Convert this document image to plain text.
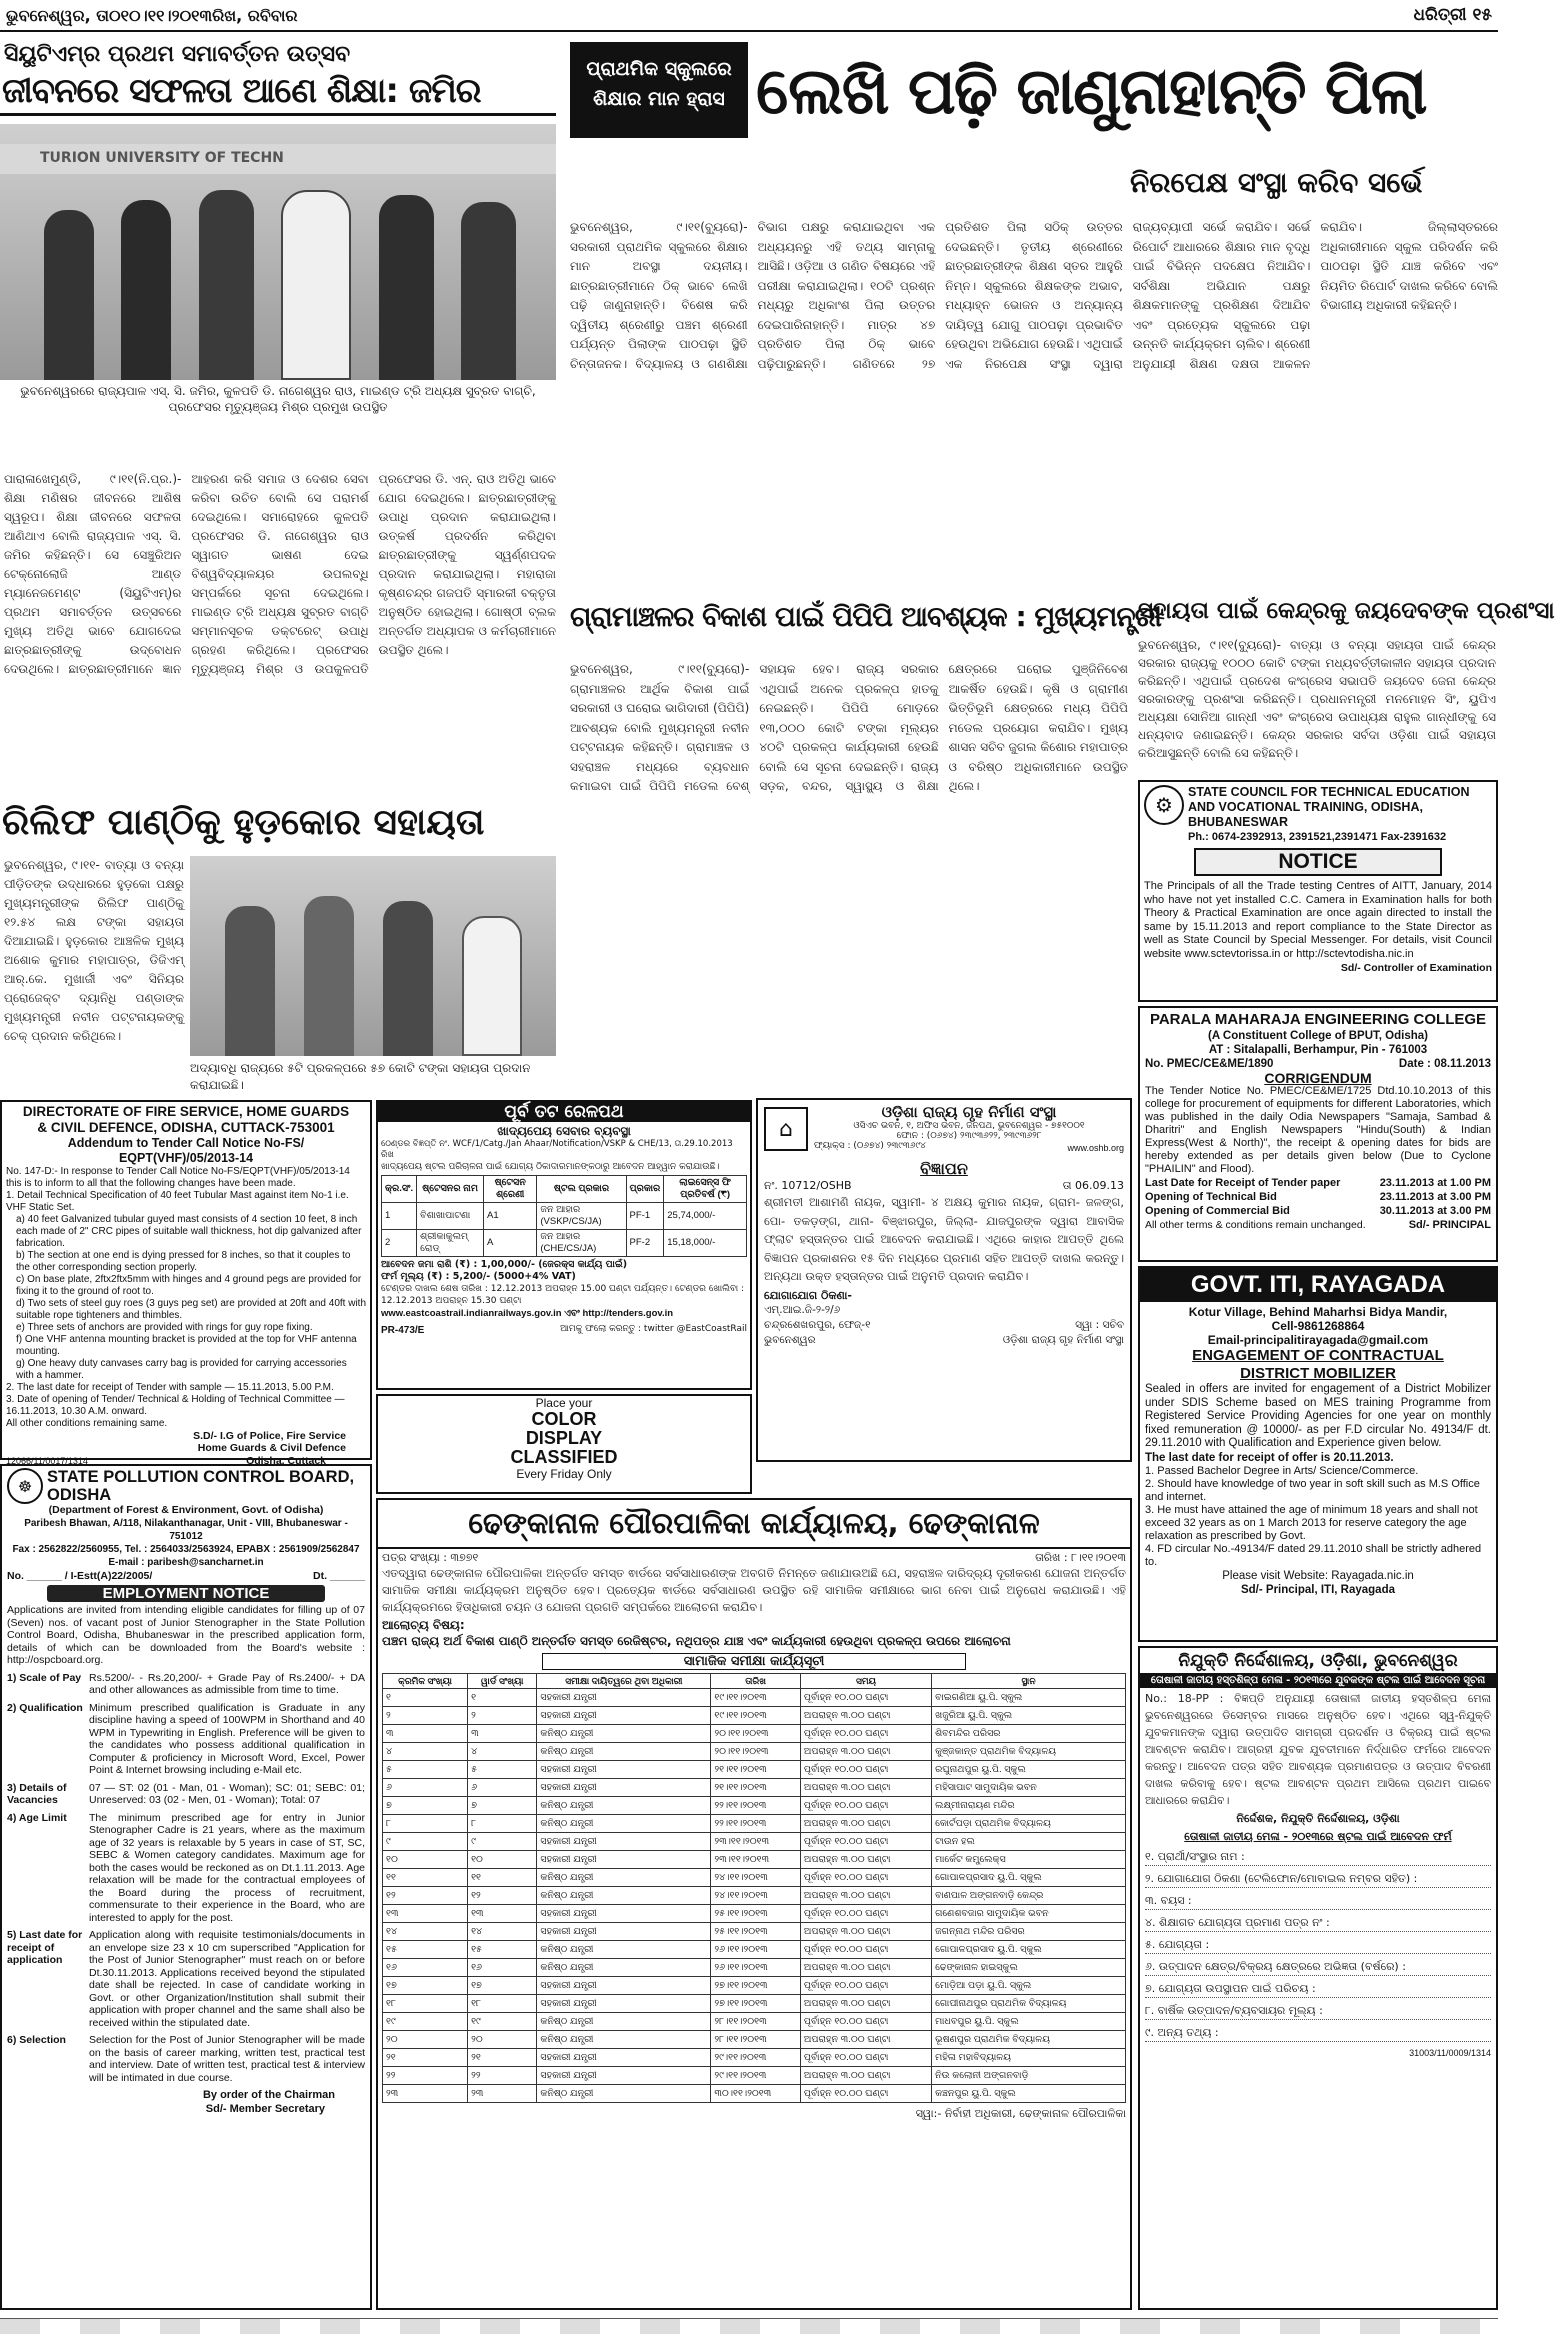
ଭୁବନେଶ୍ୱର, ତା୦୧୦।୧୧।୨୦୧୩ରିଖ, ରବିବାର	ଧରିତ୍ରୀ ୧୫
ସିୟୁଟିଏମ୍‌ର ପ୍ରଥମ ସମାବର୍ତ୍ତନ ଉତ୍ସବ
ଜୀବନରେ ସଫଳତା ଆଣେ ଶିକ୍ଷା: ଜମିର
TURION UNIVERSITY OF TECHN
ଭୁବନେଶ୍ୱରରେ ରାଜ୍ୟପାଳ ଏସ୍. ସି. ଜମିର, କୁଳପତି ଡି. ନାଗେଶ୍ୱର ରାଓ, ମାଇଣ୍ଡ ଟ୍ରି ଅଧ୍ୟକ୍ଷ ସୁବ୍ରତ ବାଗ୍‌ଚି, ପ୍ରଫେସର ମୃତ୍ୟୁଞ୍ଜୟ ମିଶ୍ର ପ୍ରମୁଖ ଉପସ୍ଥିତ
ପାରାଳାଖେମୁଣ୍ଡି, ୯।୧୧(ନି.ପ୍ର.)- ଶିକ୍ଷା ମଣିଷର ଜୀବନରେ ଆଶିଷ ସ୍ୱରୂପ। ଶିକ୍ଷା ଜୀବନରେ ସଫଳତା ଆଣିଥାଏ ବୋଲି ରାଜ୍ୟପାଳ ଏସ୍. ସି. ଜମିର କହିଛନ୍ତି। ସେ ସେଞ୍ଚୁରିଅନ ଟେକ୍ନୋଲୋଜି ଆଣ୍ଡ ମ୍ୟାନେଜମେଣ୍ଟ (ସିୟୁଟିଏମ୍)ର ପ୍ରଥମ ସମାବର୍ତ୍ତନ ଉତ୍ସବରେ ମୁଖ୍ୟ ଅତିଥି ଭାବେ ଯୋଗଦେଇ ଛାତ୍ରଛାତ୍ରୀଙ୍କୁ ଉଦ୍ବୋଧନ ଦେଉଥିଲେ। ଛାତ୍ରଛାତ୍ରୀମାନେ ଜ୍ଞାନ ଆହରଣ କରି ସମାଜ ଓ ଦେଶର ସେବା କରିବା ଉଚିତ ବୋଲି ସେ ପରାମର୍ଶ ଦେଇଥିଲେ। ସମାରୋହରେ କୁଳପତି ପ୍ରଫେସର ଡି. ନାଗେଶ୍ୱର ରାଓ ସ୍ୱାଗତ ଭାଷଣ ଦେଇ ବିଶ୍ୱବିଦ୍ୟାଳୟର ଉପଲବ୍ଧି ସମ୍ପର୍କରେ ସୂଚନା ଦେଇଥିଲେ। ମାଇଣ୍ଡ ଟ୍ରି ଅଧ୍ୟକ୍ଷ ସୁବ୍ରତ ବାଗ୍‌ଚି ସମ୍ମାନସୂଚକ ଡକ୍ଟରେଟ୍ ଉପାଧି ଗ୍ରହଣ କରିଥିଲେ। ପ୍ରଫେସର ମୃତ୍ୟୁଞ୍ଜୟ ମିଶ୍ର ଓ ଉପକୁଳପତି ପ୍ରଫେସର ଡି. ଏନ୍. ରାଓ ଅତିଥି ଭାବେ ଯୋଗ ଦେଇଥିଲେ। ଛାତ୍ରଛାତ୍ରୀଙ୍କୁ ଉପାଧି ପ୍ରଦାନ କରାଯାଇଥିଲା। ଉତ୍କର୍ଷ ପ୍ରଦର୍ଶନ କରିଥିବା ଛାତ୍ରଛାତ୍ରୀଙ୍କୁ ସ୍ୱର୍ଣ୍ଣପଦକ ପ୍ରଦାନ କରାଯାଇଥିଲା। ମହାରାଜା କୃଷ୍ଣଚନ୍ଦ୍ର ଗଜପତି ସ୍ମାରକୀ ବକ୍ତୃତା ଅନୁଷ୍ଠିତ ହୋଇଥିଲା। ଗୋଷ୍ଠୀ ବ୍ଲକ ଅନ୍ତର୍ଗତ ଅଧ୍ୟାପକ ଓ କର୍ମଚାରୀମାନେ ଉପସ୍ଥିତ ଥିଲେ।
ରିଲିଫ ପାଣ୍ଠିକୁ ହୁଡ଼କୋର ସହାୟତା
ଭୁବନେଶ୍ୱର, ୯।୧୧- ବାତ୍ୟା ଓ ବନ୍ୟା ପୀଡ଼ିତଙ୍କ ଉଦ୍ଧାରରେ ହୁଡ଼କୋ ପକ୍ଷରୁ ମୁଖ୍ୟମନ୍ତ୍ରୀଙ୍କ ରିଲିଫ ପାଣ୍ଠିକୁ ୧୨.୫୪ ଲକ୍ଷ ଟଙ୍କା ସହାୟତା ଦିଆଯାଇଛି। ହୁଡ଼କୋର ଆଞ୍ଚଳିକ ମୁଖ୍ୟ ଅଶୋକ କୁମାର ମହାପାତ୍ର, ଡିଜିଏମ୍ ଆର୍.କେ. ମୁଖାର୍ଜୀ ଏବଂ ସିନିୟର ପ୍ରୋଜେକ୍ଟ ଦ୍ୟାନିଧି ପଣ୍ଡାଙ୍କ ମୁଖ୍ୟମନ୍ତ୍ରୀ ନବୀନ ପଟ୍ଟନାୟକଙ୍କୁ ଚେକ୍ ପ୍ରଦାନ କରିଥିଲେ।
ଅଦ୍ୟାବଧି ରାଜ୍ୟରେ ୫ଟି ପ୍ରକଳ୍ପରେ ୫୭ କୋଟି ଟଙ୍କା ସହାୟତା ପ୍ରଦାନ କରାଯାଇଛି।
ପ୍ରାଥମିକ ସ୍କୁଲରେ
ଶିକ୍ଷାର ମାନ ହ୍ରାସ ଲେଖି ପଢ଼ି ଜାଣୁନାହାନ୍ତି ପିଲା
ନିରପେକ୍ଷ ସଂସ୍ଥା କରିବ ସର୍ଭେ
ଭୁବନେଶ୍ୱର, ୯।୧୧(ବ୍ୟୁରୋ)- ସରକାରୀ ପ୍ରାଥମିକ ସ୍କୁଲରେ ଶିକ୍ଷାର ମାନ ଅବସ୍ଥା ଦୟନୀୟ। ଛାତ୍ରଛାତ୍ରୀମାନେ ଠିକ୍ ଭାବେ ଲେଖି ପଢ଼ି ଜାଣୁନାହାନ୍ତି। ବିଶେଷ କରି ଦ୍ୱିତୀୟ ଶ୍ରେଣୀରୁ ପଞ୍ଚମ ଶ୍ରେଣୀ ପର୍ଯ୍ୟନ୍ତ ପିଲାଙ୍କ ପାଠପଢ଼ା ସ୍ଥିତି ଚିନ୍ତାଜନକ। ବିଦ୍ୟାଳୟ ଓ ଗଣଶିକ୍ଷା ବିଭାଗ ପକ୍ଷରୁ କରାଯାଇଥିବା ଏକ ଅଧ୍ୟୟନରୁ ଏହି ତଥ୍ୟ ସାମ୍ନାକୁ ଆସିଛି। ଓଡ଼ିଆ ଓ ଗଣିତ ବିଷୟରେ ଏହି ପରୀକ୍ଷା କରାଯାଇଥିଲା। ୧୦ଟି ପ୍ରଶ୍ନ ମଧ୍ୟରୁ ଅଧିକାଂଶ ପିଲା ଉତ୍ତର ଦେଇପାରିନାହାନ୍ତି। ମାତ୍ର ୪୭ ପ୍ରତିଶତ ପିଲା ଠିକ୍ ଭାବେ ପଢ଼ିପାରୁଛନ୍ତି। ଗଣିତରେ ୨୭ ପ୍ରତିଶତ ପିଲା ସଠିକ୍ ଉତ୍ତର ଦେଇଛନ୍ତି। ତୃତୀୟ ଶ୍ରେଣୀରେ ଛାତ୍ରଛାତ୍ରୀଙ୍କ ଶିକ୍ଷଣ ସ୍ତର ଆହୁରି ନିମ୍ନ। ସ୍କୁଲରେ ଶିକ୍ଷକଙ୍କ ଅଭାବ, ମଧ୍ୟାହ୍ନ ଭୋଜନ ଓ ଅନ୍ୟାନ୍ୟ ଦାୟିତ୍ୱ ଯୋଗୁ ପାଠପଢ଼ା ପ୍ରଭାବିତ ହେଉଥିବା ଅଭିଯୋଗ ହେଉଛି। ଏଥିପାଇଁ ଏକ ନିରପେକ୍ଷ ସଂସ୍ଥା ଦ୍ୱାରା ରାଜ୍ୟବ୍ୟାପୀ ସର୍ଭେ କରାଯିବ। ସର୍ଭେ ରିପୋର୍ଟ ଆଧାରରେ ଶିକ୍ଷାର ମାନ ବୃଦ୍ଧି ପାଇଁ ବିଭିନ୍ନ ପଦକ୍ଷେପ ନିଆଯିବ। ସର୍ବଶିକ୍ଷା ଅଭିଯାନ ପକ୍ଷରୁ ଶିକ୍ଷକମାନଙ୍କୁ ପ୍ରଶିକ୍ଷଣ ଦିଆଯିବ ଏବଂ ପ୍ରତ୍ୟେକ ସ୍କୁଲରେ ପଢ଼ା ଉନ୍ନତି କାର୍ଯ୍ୟକ୍ରମ ଚାଲିବ। ଶ୍ରେଣୀ ଅନୁଯାୟୀ ଶିକ୍ଷଣ ଦକ୍ଷତା ଆକଳନ କରାଯିବ। ଜିଲ୍ଲାସ୍ତରରେ ଅଧିକାରୀମାନେ ସ୍କୁଲ ପରିଦର୍ଶନ କରି ପାଠପଢ଼ା ସ୍ଥିତି ଯାଞ୍ଚ କରିବେ ଏବଂ ନିୟମିତ ରିପୋର୍ଟ ଦାଖଲ କରିବେ ବୋଲି ବିଭାଗୀୟ ଅଧିକାରୀ କହିଛନ୍ତି।
ଗ୍ରାମାଞ୍ଚଳର ବିକାଶ ପାଇଁ ପିପିପି ଆବଶ୍ୟକ : ମୁଖ୍ୟମନ୍ତ୍ରୀ
ଭୁବନେଶ୍ୱର, ୯।୧୧(ବ୍ୟୁରୋ)- ଗ୍ରାମାଞ୍ଚଳର ଆର୍ଥିକ ବିକାଶ ପାଇଁ ସରକାରୀ ଓ ଘରୋଇ ଭାଗିଦାରୀ (ପିପିପି) ଆବଶ୍ୟକ ବୋଲି ମୁଖ୍ୟମନ୍ତ୍ରୀ ନବୀନ ପଟ୍ଟନାୟକ କହିଛନ୍ତି। ଗ୍ରାମାଞ୍ଚଳ ଓ ସହରାଞ୍ଚଳ ମଧ୍ୟରେ ବ୍ୟବଧାନ କମାଇବା ପାଇଁ ପିପିପି ମଡେଲ ବେଶ୍ ସହାୟକ ହେବ। ରାଜ୍ୟ ସରକାର ଏଥିପାଇଁ ଅନେକ ପ୍ରକଳ୍ପ ହାତକୁ ନେଇଛନ୍ତି। ପିପିପି ମୋଡ଼ରେ ୧୩,୦୦୦ କୋଟି ଟଙ୍କା ମୂଲ୍ୟର ୪୦ଟି ପ୍ରକଳ୍ପ କାର୍ଯ୍ୟକାରୀ ହେଉଛି ବୋଲି ସେ ସୂଚନା ଦେଇଛନ୍ତି। ରାଜ୍ୟ ସଡ଼କ, ବନ୍ଦର, ସ୍ୱାସ୍ଥ୍ୟ ଓ ଶିକ୍ଷା କ୍ଷେତ୍ରରେ ଘରୋଇ ପୁଞ୍ଜିନିବେଶ ଆକର୍ଷିତ ହେଉଛି। କୃଷି ଓ ଗ୍ରାମୀଣ ଭିତ୍ତିଭୂମି କ୍ଷେତ୍ରରେ ମଧ୍ୟ ପିପିପି ମଡେଲ ପ୍ରୟୋଗ କରାଯିବ। ମୁଖ୍ୟ ଶାସନ ସଚିବ ଜୁଗଲ କିଶୋର ମହାପାତ୍ର ଓ ବରିଷ୍ଠ ଅଧିକାରୀମାନେ ଉପସ୍ଥିତ ଥିଲେ।
ସହାୟତା ପାଇଁ କେନ୍ଦ୍ରକୁ ଜୟଦେବଙ୍କ ପ୍ରଶଂସା
ଭୁବନେଶ୍ୱର, ୯।୧୧(ବ୍ୟୁରୋ)- ବାତ୍ୟା ଓ ବନ୍ୟା ସହାୟତା ପାଇଁ କେନ୍ଦ୍ର ସରକାର ରାଜ୍ୟକୁ ୧୦୦୦ କୋଟି ଟଙ୍କା ମଧ୍ୟବର୍ତ୍ତୀକାଳୀନ ସହାୟତା ପ୍ରଦାନ କରିଛନ୍ତି। ଏଥିପାଇଁ ପ୍ରଦେଶ କଂଗ୍ରେସ ସଭାପତି ଜୟଦେବ ଜେନା କେନ୍ଦ୍ର ସରକାରଙ୍କୁ ପ୍ରଶଂସା କରିଛନ୍ତି। ପ୍ରଧାନମନ୍ତ୍ରୀ ମନମୋହନ ସିଂ, ୟୁପିଏ ଅଧ୍ୟକ୍ଷା ସୋନିଆ ଗାନ୍ଧୀ ଏବଂ କଂଗ୍ରେସ ଉପାଧ୍ୟକ୍ଷ ରାହୁଲ ଗାନ୍ଧୀଙ୍କୁ ସେ ଧନ୍ୟବାଦ ଜଣାଇଛନ୍ତି। କେନ୍ଦ୍ର ସରକାର ସର୍ବଦା ଓଡ଼ିଶା ପାଇଁ ସହାୟତା କରିଆସୁଛନ୍ତି ବୋଲି ସେ କହିଛନ୍ତି।
⚙
STATE COUNCIL FOR TECHNICAL EDUCATION AND VOCATIONAL TRAINING, ODISHA, BHUBANESWAR
Ph.: 0674-2392913, 2391521,2391471 Fax-2391632
NOTICE
The Principals of all the Trade testing Centres of AITT, January, 2014 who have not yet installed C.C. Camera in Examination halls for both Theory & Practical Examination are once again directed to install the same by 15.11.2013 and report compliance to the State Director as well as State Council by Special Messenger. For details, visit Council website www.sctevtorissa.in or http://sctevtodisha.nic.in
Sd/- Controller of Examination
PARALA MAHARAJA ENGINEERING COLLEGE
(A Constituent College of BPUT, Odisha)
AT : Sitalapalli, Berhampur, Pin - 761003
No. PMEC/CE&ME/1890	Date : 08.11.2013
CORRIGENDUM
The Tender Notice No. PMEC/CE&ME/1725 Dtd.10.10.2013 of this college for procurement of equipments for different Laboratories, which was published in the daily Odia Newspapers "Samaja, Sambad & Dharitri" and English Newspapers "Hindu(South) & Indian Express(West & North)", the receipt & opening dates for bids are hereby extended as per details given below (Due to Cyclone "PHAILIN" and Flood).
Last Date for Receipt of Tender paper	23.11.2013 at 1.00 PM
Opening of Technical Bid	23.11.2013 at 3.00 PM
Opening of Commercial Bid	30.11.2013 at 3.00 PM
All other terms & conditions remain unchanged.	Sd/- PRINCIPAL
GOVT. ITI, RAYAGADA
Kotur Village, Behind Maharhsi Bidya Mandir,
Cell-9861268864
Email-principalitirayagada@gmail.com
ENGAGEMENT OF CONTRACTUAL DISTRICT MOBILIZER
Sealed in offers are invited for engagement of a District Mobilizer under SDIS Scheme based on MES training Programme from Registered Service Providing Agencies for one year on monthly fixed remuneration @ 10000/- as per F.D circular No. 49134/F dt. 29.11.2010 with Qualification and Experience given below.
The last date for receipt of offer is 20.11.2013.
1. Passed Bachelor Degree in Arts/ Science/Commerce.
2. Should have knowledge of two year in soft skill such as M.S Office and internet.
3. He must have attained the age of minimum 18 years and shall not exceed 32 years as on 1 March 2013 for reserve category the age relaxation as prescribed by Govt.
4. FD circular No.-49134/F dated 29.11.2010 shall be strictly adhered to.
Please visit Website: Rayagada.nic.in
Sd/- Principal, ITI, Rayagada
DIRECTORATE OF FIRE SERVICE, HOME GUARDS
& CIVIL DEFENCE, ODISHA, CUTTACK-753001
Addendum to Tender Call Notice No-FS/
EQPT(VHF)/05/2013-14
No. 147-D:- In response to Tender Call Notice No-FS/EQPT(VHF)/05/2013-14 this is to inform to all that the following changes have been made.
1. Detail Technical Specification of 40 feet Tubular Mast against item No-1 i.e. VHF Static Set.
a) 40 feet Galvanized tubular guyed mast consists of 4 section 10 feet, 8 inch each made of 2" CRC pipes of suitable wall thickness, hot dip galvanized after fabrication.
b) The section at one end is dying pressed for 8 inches, so that it couples to the other corresponding section properly.
c) On base plate, 2ftx2ftx5mm with hinges and 4 ground pegs are provided for fixing it to the ground of root to.
d) Two sets of steel guy roes (3 guys peg set) are provided at 20ft and 40ft with suitable rope tighteners and thimbles.
e) Three sets of anchors are provided with rings for guy rope fixing.
f) One VHF antenna mounting bracket is provided at the top for VHF antenna mounting.
g) One heavy duty canvases carry bag is provided for carrying accessories with a hammer.
2. The last date for receipt of Tender with sample — 15.11.2013, 5.00 P.M.
3. Date of opening of Tender/ Technical & Holding of Technical Committee — 16.11.2013, 10.30 A.M. onward.
All other conditions remaining same.
S.D/- I.G of Police, Fire Service
Home Guards & Civil Defence
12066/11/0017/1314	Odisha, Cuttack
ପୂର୍ବ ତଟ ରେଳପଥ
ଖାଦ୍ୟପେୟ ସେବାର ବ୍ୟବସ୍ଥା
ଠେଣ୍ଡର ବିଜ୍ଞପ୍ତି ନଂ. WCF/1/Catg./Jan Ahaar/Notification/VSKP & CHE/13, ତା.29.10.2013 ରିଖ
ଖାଦ୍ୟପେୟ ଷ୍ଟଲ ପରିଚାଳନା ପାଇଁ ଯୋଗ୍ୟ ଠିକାଦାରମାନଙ୍କଠାରୁ ଆବେଦନ ଆହ୍ୱାନ କରାଯାଉଛି।
କ୍ର.ସଂ.	ଷ୍ଟେସନର ନାମ	ଷ୍ଟେସନ ଶ୍ରେଣୀ	ଷ୍ଟଲ ପ୍ରକାର	ପ୍ରକାର	ଲାଇସେନ୍ସ ଫି ପ୍ରତିବର୍ଷ (₹)
1	ବିଶାଖାପାଟଣା	A1	ଜନ ଆହାର (VSKP/CS/JA)	PF-1	25,74,000/-
2	ଶ୍ରୀକାକୁଲମ୍ ରୋଡ୍	A	ଜନ ଆହାର (CHE/CS/JA)	PF-2	15,18,000/-
ଆବେଦନ ଜମା ରାଶି (₹) : 1,00,000/- (ଜେରକ୍ସ କାର୍ଯ୍ୟ ପାଇଁ)
ଫର୍ମ ମୂଲ୍ୟ (₹) : 5,200/- (5000+4% VAT)
ଟେଣ୍ଡର ଦାଖଲ ଶେଷ ତାରିଖ : 12.12.2013 ଅପରାହ୍ନ 15.00 ଘଣ୍ଟା ପର୍ଯ୍ୟନ୍ତ। ଟେଣ୍ଡର ଖୋଲିବା : 12.12.2013 ଅପରାହ୍ନ 15.30 ଘଣ୍ଟା
www.eastcoastrail.indianrailways.gov.in ଏବଂ http://tenders.gov.in
PR-473/E	ଆମକୁ ଫଲୋ କରନ୍ତୁ : twitter @EastCoastRail
Place your
COLOR
DISPLAY
CLASSIFIED
Every Friday Only
⌂
ଓଡ଼ିଶା ରାଜ୍ୟ ଗୃହ ନିର୍ମାଣ ସଂସ୍ଥା
ଓସିଏଚ ଭବନ, ୧, ଅଫିସ ଭବନ, ଜନପଥ, ଭୁବନେଶ୍ୱର - ୭୫୧୦୦୧
ଫୋନ : (୦୬୭୪) ୨୩୯୩୬୨୨, ୨୩୯୩୬୨୮
ଫ୍ୟାକ୍ସ : (୦୬୭୪) ୨୩୯୩୬୯୪	www.oshb.org
ବିଜ୍ଞାପନ
ନଂ. 10712/OSHB	ତା 06.09.13
ଶ୍ରୀମତୀ ଆଶାମଣି ନାୟକ, ସ୍ୱାମୀ- ୪ ଅକ୍ଷୟ କୁମାର ନାୟକ, ଗ୍ରାମ- ଜଳଙ୍ଗ, ପୋ- ତକଡ଼ଙ୍ଗ, ଥାନା- ବିଞ୍ଝାରପୁର, ଜିଲ୍ଲା- ଯାଜପୁରଙ୍କ ଦ୍ୱାରା ଆବାସିକ ଫ୍ଲାଟ ହସ୍ତାନ୍ତର ପାଇଁ ଆବେଦନ କରାଯାଇଛି। ଏଥିରେ କାହାର ଆପତ୍ତି ଥିଲେ ବିଜ୍ଞାପନ ପ୍ରକାଶନର ୧୫ ଦିନ ମଧ୍ୟରେ ପ୍ରମାଣ ସହିତ ଆପତ୍ତି ଦାଖଲ କରନ୍ତୁ। ଅନ୍ୟଥା ଉକ୍ତ ହସ୍ତାନ୍ତର ପାଇଁ ଅନୁମତି ପ୍ରଦାନ କରାଯିବ।
ଯୋଗାଯୋଗ ଠିକଣା-
ଏମ୍.ଆଇ.ଜି-୨-୨/୬
ଚନ୍ଦ୍ରଶେଖରପୁର, ଫେଜ୍-୧
ଭୁବନେଶ୍ୱର
ସ୍ୱା : ସଚିବ
ଓଡ଼ିଶା ରାଜ୍ୟ ଗୃହ ନିର୍ମାଣ ସଂସ୍ଥା
ଢେଙ୍କାନାଳ ପୌରପାଳିକା କାର୍ଯ୍ୟାଳୟ, ଢେଙ୍କାନାଳ
ପତ୍ର ସଂଖ୍ୟା : ୩୭୭୧	ତାରିଖ : ୮।୧୧।୨୦୧୩
ଏତଦ୍ୱାରା ଢେଙ୍କାନାଳ ପୌରପାଳିକା ଅନ୍ତର୍ଗତ ସମସ୍ତ ଵାର୍ଡରେ ସର୍ବସାଧାରଣଙ୍କ ଅବଗତି ନିମନ୍ତେ ଜଣାଯାଉଅଛି ଯେ, ସହରାଞ୍ଚଳ ଦାରିଦ୍ର୍ୟ ଦୂରୀକରଣ ଯୋଜନା ଅନ୍ତର୍ଗତ ସାମାଜିକ ସମୀକ୍ଷା କାର୍ଯ୍ୟକ୍ରମ ଅନୁଷ୍ଠିତ ହେବ। ପ୍ରତ୍ୟେକ ଵାର୍ଡରେ ସର୍ବସାଧାରଣ ଉପସ୍ଥିତ ରହି ସାମାଜିକ ସମୀକ୍ଷାରେ ଭାଗ ନେବା ପାଇଁ ଅନୁରୋଧ କରାଯାଉଛି। ଏହି କାର୍ଯ୍ୟକ୍ରମରେ ହିତାଧିକାରୀ ଚୟନ ଓ ଯୋଜନା ପ୍ରଗତି ସମ୍ପର୍କରେ ଆଲୋଚନା କରାଯିବ।
ଆଲୋଚ୍ୟ ବିଷୟ:
ପଞ୍ଚମ ରାଜ୍ୟ ଅର୍ଥ ବିକାଶ ପାଣ୍ଠି ଅନ୍ତର୍ଗତ ସମସ୍ତ ରେଜିଷ୍ଟର, ନଥିପତ୍ର ଯାଞ୍ଚ ଏବଂ କାର୍ଯ୍ୟକାରୀ ହେଉଥିବା ପ୍ରକଳ୍ପ ଉପରେ ଆଲୋଚନା
ସାମାଜିକ ସମୀକ୍ଷା କାର୍ଯ୍ୟସୂଚୀ
କ୍ରମିକ ସଂଖ୍ୟା	ୱାର୍ଡ ସଂଖ୍ୟା	ସମୀକ୍ଷା ଦାୟିତ୍ୱରେ ଥିବା ଅଧିକାରୀ	ତାରିଖ	ସମୟ	ସ୍ଥାନ
୧	୧	ସହକାରୀ ଯନ୍ତ୍ରୀ	୧୯।୧୧।୨୦୧୩	ପୂର୍ବାହ୍ନ ୧୦.୦୦ ଘଣ୍ଟା	ବାଇଗଣିଆ ୟୁ.ପି. ସ୍କୁଲ
୨	୨	ସହକାରୀ ଯନ୍ତ୍ରୀ	୧୯।୧୧।୨୦୧୩	ଅପରାହ୍ନ ୩.୦୦ ଘଣ୍ଟା	ଖଜୁରିଆ ୟୁ.ପି. ସ୍କୁଲ
୩	୩	କନିଷ୍ଠ ଯନ୍ତ୍ରୀ	୨୦।୧୧।୨୦୧୩	ପୂର୍ବାହ୍ନ ୧୦.୦୦ ଘଣ୍ଟା	ଶିବମନ୍ଦିର ପରିସର
୪	୪	କନିଷ୍ଠ ଯନ୍ତ୍ରୀ	୨୦।୧୧।୨୦୧୩	ଅପରାହ୍ନ ୩.୦୦ ଘଣ୍ଟା	କୁଞ୍ଜକାନ୍ତ ପ୍ରାଥମିକ ବିଦ୍ୟାଳୟ
୫	୫	ସହକାରୀ ଯନ୍ତ୍ରୀ	୨୧।୧୧।୨୦୧୩	ପୂର୍ବାହ୍ନ ୧୦.୦୦ ଘଣ୍ଟା	ରଘୁନାଥପୁର ୟୁ.ପି. ସ୍କୁଲ
୬	୬	ସହକାରୀ ଯନ୍ତ୍ରୀ	୨୧।୧୧।୨୦୧୩	ଅପରାହ୍ନ ୩.୦୦ ଘଣ୍ଟା	ମହିସାପାଟ ସାମୁଦାୟିକ ଭବନ
୭	୭	କନିଷ୍ଠ ଯନ୍ତ୍ରୀ	୨୨।୧୧।୨୦୧୩	ପୂର୍ବାହ୍ନ ୧୦.୦୦ ଘଣ୍ଟା	ଲକ୍ଷ୍ମୀନାରାୟଣ ମନ୍ଦିର
୮	୮	କନିଷ୍ଠ ଯନ୍ତ୍ରୀ	୨୨।୧୧।୨୦୧୩	ଅପରାହ୍ନ ୩.୦୦ ଘଣ୍ଟା	କୋର୍ଟପଡ଼ା ପ୍ରାଥମିକ ବିଦ୍ୟାଳୟ
୯	୯	ସହକାରୀ ଯନ୍ତ୍ରୀ	୨୩।୧୧।୨୦୧୩	ପୂର୍ବାହ୍ନ ୧୦.୦୦ ଘଣ୍ଟା	ଟାଉନ ହଲ
୧୦	୧୦	ସହକାରୀ ଯନ୍ତ୍ରୀ	୨୩।୧୧।୨୦୧୩	ଅପରାହ୍ନ ୩.୦୦ ଘଣ୍ଟା	ମାର୍କେଟ କମ୍ପ୍ଲେକ୍ସ
୧୧	୧୧	କନିଷ୍ଠ ଯନ୍ତ୍ରୀ	୨୪।୧୧।୨୦୧୩	ପୂର୍ବାହ୍ନ ୧୦.୦୦ ଘଣ୍ଟା	ଗୋପାଳପ୍ରସାଦ ୟୁ.ପି. ସ୍କୁଲ
୧୨	୧୨	କନିଷ୍ଠ ଯନ୍ତ୍ରୀ	୨୪।୧୧।୨୦୧୩	ଅପରାହ୍ନ ୩.୦୦ ଘଣ୍ଟା	ବାଣପାଳ ଅଙ୍ଗନବାଡ଼ି କେନ୍ଦ୍ର
୧୩	୧୩	ସହକାରୀ ଯନ୍ତ୍ରୀ	୨୫।୧୧।୨୦୧୩	ପୂର୍ବାହ୍ନ ୧୦.୦୦ ଘଣ୍ଟା	ଗଣେଶବଜାର ସାମୁଦାୟିକ ଭବନ
୧୪	୧୪	ସହକାରୀ ଯନ୍ତ୍ରୀ	୨୫।୧୧।୨୦୧୩	ଅପରାହ୍ନ ୩.୦୦ ଘଣ୍ଟା	ଜଗନ୍ନାଥ ମନ୍ଦିର ପରିସର
୧୫	୧୫	କନିଷ୍ଠ ଯନ୍ତ୍ରୀ	୨୬।୧୧।୨୦୧୩	ପୂର୍ବାହ୍ନ ୧୦.୦୦ ଘଣ୍ଟା	ଗୋପାଳପ୍ରସାଦ ୟୁ.ପି. ସ୍କୁଲ
୧୬	୧୬	କନିଷ୍ଠ ଯନ୍ତ୍ରୀ	୨୬।୧୧।୨୦୧୩	ଅପରାହ୍ନ ୩.୦୦ ଘଣ୍ଟା	ଢେଙ୍କାନାଳ ହାଇସ୍କୁଲ
୧୭	୧୭	ସହକାରୀ ଯନ୍ତ୍ରୀ	୨୭।୧୧।୨୦୧୩	ପୂର୍ବାହ୍ନ ୧୦.୦୦ ଘଣ୍ଟା	ମୋଡ଼ିଆ ପଡ଼ା ୟୁ.ପି. ସ୍କୁଲ
୧୮	୧୮	ସହକାରୀ ଯନ୍ତ୍ରୀ	୨୭।୧୧।୨୦୧୩	ଅପରାହ୍ନ ୩.୦୦ ଘଣ୍ଟା	ଗୋପୀନାଥପୁର ପ୍ରାଥମିକ ବିଦ୍ୟାଳୟ
୧୯	୧୯	କନିଷ୍ଠ ଯନ୍ତ୍ରୀ	୨୮।୧୧।୨୦୧୩	ପୂର୍ବାହ୍ନ ୧୦.୦୦ ଘଣ୍ଟା	ମାଧବପୁର ୟୁ.ପି. ସ୍କୁଲ
୨୦	୨୦	କନିଷ୍ଠ ଯନ୍ତ୍ରୀ	୨୮।୧୧।୨୦୧୩	ଅପରାହ୍ନ ୩.୦୦ ଘଣ୍ଟା	ଭୂଷଣପୁର ପ୍ରାଥମିକ ବିଦ୍ୟାଳୟ
୨୧	୨୧	ସହକାରୀ ଯନ୍ତ୍ରୀ	୨୯।୧୧।୨୦୧୩	ପୂର୍ବାହ୍ନ ୧୦.୦୦ ଘଣ୍ଟା	ମହିଳା ମହାବିଦ୍ୟାଳୟ
୨୨	୨୨	ସହକାରୀ ଯନ୍ତ୍ରୀ	୨୯।୧୧।୨୦୧୩	ଅପରାହ୍ନ ୩.୦୦ ଘଣ୍ଟା	ନିଉ କଲୋନୀ ଅଙ୍ଗନବାଡ଼ି
୨୩	୨୩	କନିଷ୍ଠ ଯନ୍ତ୍ରୀ	୩୦।୧୧।୨୦୧୩	ପୂର୍ବାହ୍ନ ୧୦.୦୦ ଘଣ୍ଟା	କଞ୍ଚନପୁର ୟୁ.ପି. ସ୍କୁଲ
ସ୍ୱା:- ନିର୍ବାହୀ ଅଧିକାରୀ, ଢେଙ୍କାନାଳ ପୌରପାଳିକା
☸ STATE POLLUTION CONTROL BOARD, ODISHA
(Department of Forest & Environment, Govt. of Odisha)
Paribesh Bhawan, A/118, Nilakanthanagar, Unit - VIII, Bhubaneswar - 751012
Fax : 2562822/2560955, Tel. : 2564033/2563924, EPABX : 2561909/2562847
E-mail : paribesh@sancharnet.in
No. ______ / I-Estt(A)22/2005/	Dt. ______
EMPLOYMENT NOTICE
Applications are invited from intending eligible candidates for filling up of 07 (Seven) nos. of vacant post of Junior Stenographer in the State Pollution Control Board, Odisha, Bhubaneswar in the prescribed application form, details of which can be downloaded from the Board's website : http://ospcboard.org.
1) Scale of Pay Rs.5200/- - Rs.20,200/- + Grade Pay of Rs.2400/- + DA and other allowances as admissible from time to time.
2) Qualification Minimum prescribed qualification is Graduate in any discipline having a speed of 100WPM in Shorthand and 40 WPM in Typewriting in English. Preference will be given to the candidates who possess additional qualification in Computer & proficiency in Microsoft Word, Excel, Power Point & Internet browsing including e-Mail etc.
3) Details of Vacancies
07 — ST: 02 (01 - Man, 01 - Woman); SC: 01; SEBC: 01; Unreserved: 03 (02 - Men, 01 - Woman); Total: 07
4) Age Limit	The minimum prescribed age for entry in Junior Stenographer Cadre is 21 years, where as the maximum age of 32 years is relaxable by 5 years in case of ST, SC, SEBC & Women category candidates. Maximum age for both the cases would be reckoned as on Dt.1.11.2013. Age relaxation will be made for the contractual employees of the Board during the process of recruitment, commensurate to their experience in the Board, who are interested to apply for the post.
5) Last date for receipt of application
Application along with requisite testimonials/documents in an envelope size 23 x 10 cm superscribed "Application for the Post of Junior Stenographer" must reach on or before Dt.30.11.2013. Applications received beyond the stipulated date shall be rejected. In case of candidate working in Govt. or other Organization/Institution shall submit their application with proper channel and the same shall also be received within the stipulated date.
6) Selection	Selection for the Post of Junior Stenographer will be made on the basis of career marking, written test, practical test and interview. Date of written test, practical test & interview will be intimated in due course.
By order of the Chairman
Sd/- Member Secretary
ନିଯୁକ୍ତି ନିର୍ଦ୍ଦେଶାଳୟ, ଓଡ଼ିଶା, ଭୁବନେଶ୍ୱର
ତୋଷାଳୀ ଜାତୀୟ ହସ୍ତଶିଳ୍ପ ମେଳା - ୨୦୧୩ରେ ଯୁବକଙ୍କ ଷ୍ଟଲ ପାଇଁ ଆବେଦନ ସୂଚନା
No.: 18-PP : ବିଜ୍ଞପ୍ତି ଅନୁଯାୟୀ ତୋଷାଳୀ ଜାତୀୟ ହସ୍ତଶିଳ୍ପ ମେଳା ଭୁବନେଶ୍ୱରରେ ଡିସେମ୍ବର ମାସରେ ଅନୁଷ୍ଠିତ ହେବ। ଏଥିରେ ସ୍ୱ-ନିଯୁକ୍ତି ଯୁବକମାନଙ୍କ ଦ୍ୱାରା ଉତ୍ପାଦିତ ସାମଗ୍ରୀ ପ୍ରଦର୍ଶନ ଓ ବିକ୍ରୟ ପାଇଁ ଷ୍ଟଲ ଆବଣ୍ଟନ କରାଯିବ। ଆଗ୍ରହୀ ଯୁବକ ଯୁବତୀମାନେ ନିର୍ଦ୍ଧାରିତ ଫର୍ମରେ ଆବେଦନ କରନ୍ତୁ। ଆବେଦନ ପତ୍ର ସହିତ ଆବଶ୍ୟକ ପ୍ରମାଣପତ୍ର ଓ ଉତ୍ପାଦ ବିବରଣୀ ଦାଖଲ କରିବାକୁ ହେବ। ଷ୍ଟଲ ଆବଣ୍ଟନ ପ୍ରଥମ ଆସିଲେ ପ୍ରଥମ ପାଇବେ ଆଧାରରେ କରାଯିବ।
ନିର୍ଦ୍ଦେଶକ, ନିଯୁକ୍ତି ନିର୍ଦ୍ଦେଶାଳୟ, ଓଡ଼ିଶା
ତୋଷାଳୀ ଜାତୀୟ ମେଳା - ୨୦୧୩ରେ ଷ୍ଟଲ ପାଇଁ ଆବେଦନ ଫର୍ମ
୧. ପ୍ରାର୍ଥୀ/ସଂସ୍ଥାର ନାମ :
୨. ଯୋଗାଯୋଗ ଠିକଣା (ଟେଲିଫୋନ/ମୋବାଇଲ ନମ୍ବର ସହିତ) :
୩. ବୟସ :
୪. ଶିକ୍ଷାଗତ ଯୋଗ୍ୟତା ପ୍ରମାଣ ପତ୍ର ନଂ :
୫. ଯୋଗ୍ୟତା :
୬. ଉତ୍ପାଦନ କ୍ଷେତ୍ର/ବିକ୍ରୟ କ୍ଷେତ୍ରରେ ଅଭିଜ୍ଞତା (ବର୍ଷରେ) :
୭. ଯୋଗ୍ୟତା ଉପସ୍ଥାପନ ପାଇଁ ପରିଚୟ :
୮. ବାର୍ଷିକ ଉତ୍ପାଦନ/ବ୍ୟବସାୟର ମୂଲ୍ୟ :
୯. ଅନ୍ୟ ତଥ୍ୟ :
31003/11/0009/1314
